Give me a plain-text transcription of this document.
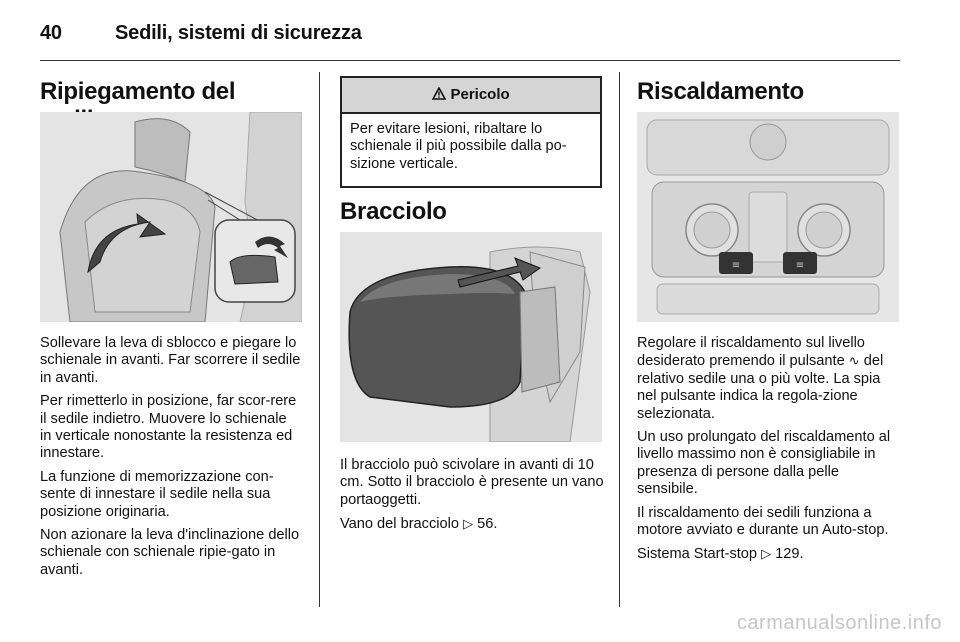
40	Sedili, sistemi di sicurezza
Ripiegamento del

Sollevare la leva di sblocco e piegare lo schienale in avanti. Far scorrere il sedile in avanti.

Per rimetterlo in posizione, far scor-rere il sedile indietro. Muovere lo schienale in verticale nonostante la resistenza ed innestare.

La funzione di memorizzazione con-sente di innestare il sedile nella sua posizione originaria.

Non azionare la leva d'inclinazione dello schienale con schienale ripie-gato in avanti.

Pericolo
Per evitare lesioni, ribaltare lo schienale il più possibile dalla po-sizione verticale.
Bracciolo

Il bracciolo può scivolare in avanti di 10 cm. Sotto il bracciolo è presente un vano portaoggetti.

Vano del bracciolo ▷ 56.

Riscaldamento
≡	≡

Regolare il riscaldamento sul livello desiderato premendo il pulsante ∿ del relativo sedile una o più volte. La spia nel pulsante indica la regola-zione selezionata.

Un uso prolungato del riscaldamento al livello massimo non è consigliabile in presenza di persone dalla pelle sensibile.

Il riscaldamento dei sedili funziona a motore avviato e durante un Auto-stop.

Sistema Start-stop ▷ 129.

carmanualsonline.info
